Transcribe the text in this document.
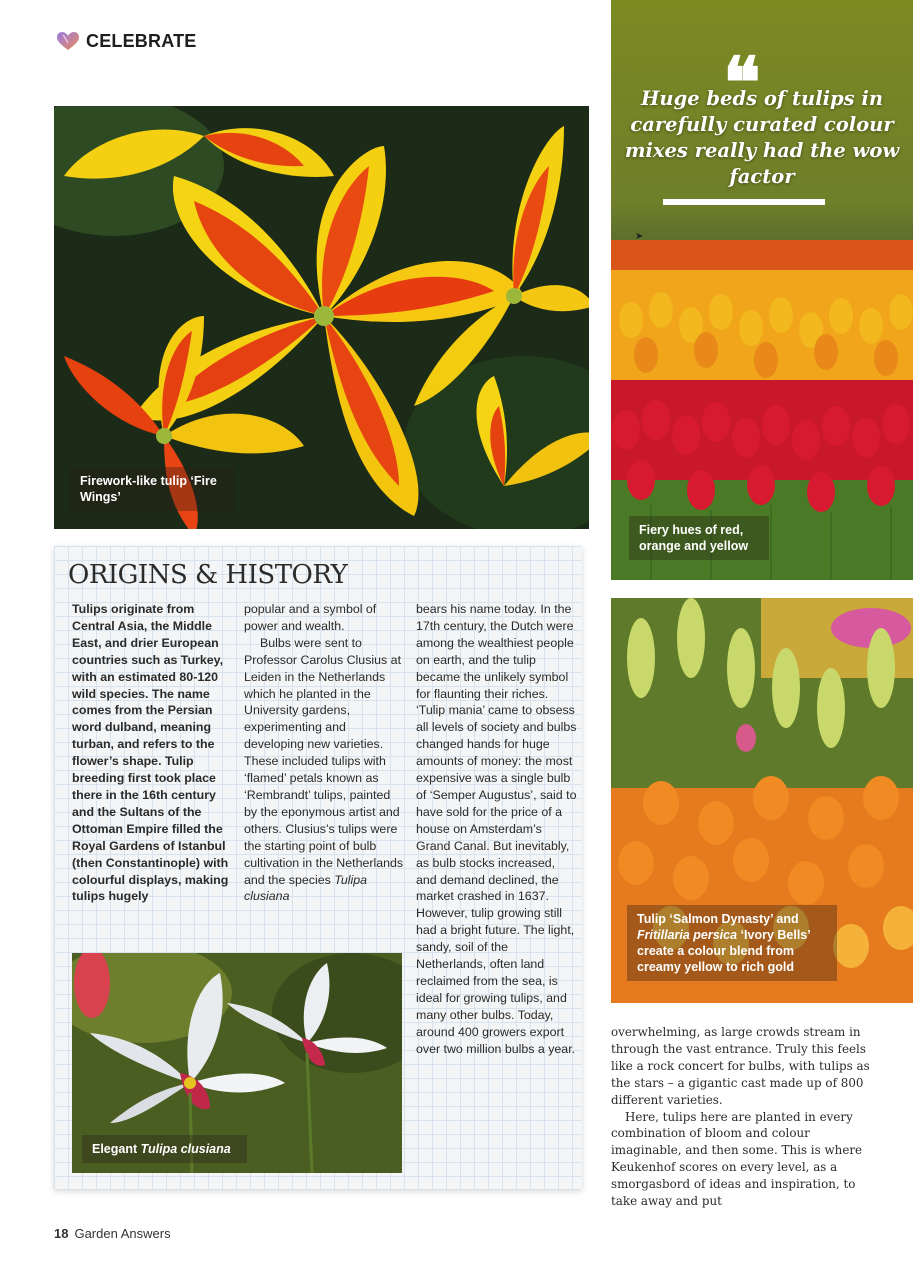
CELEBRATE
Firework-like tulip ‘Fire Wings’
❝
Huge beds of tulips in carefully curated colour mixes really had the wow factor
➤
Fiery hues of red, orange and yellow
ORIGINS & HISTORY
Tulips originate from Central Asia, the Middle East, and drier European countries such as Turkey, with an estimated 80-120 wild species. The name comes from the Persian word dulband, meaning turban, and refers to the flower’s shape. Tulip breeding first took place there in the 16th century and the Sultans of the Ottoman Empire filled the Royal Gardens of Istanbul (then Constantinople) with colourful displays, making tulips hugely
popular and a symbol of power and wealth.
Bulbs were sent to Professor Carolus Clusius at Leiden in the Netherlands which he planted in the University gardens, experimenting and developing new varieties. These included tulips with ‘flamed’ petals known as ‘Rembrandt’ tulips, painted by the eponymous artist and others. Clusius’s tulips were the starting point of bulb cultivation in the Netherlands and the species Tulipa clusiana
bears his name today. In the 17th century, the Dutch were among the wealthiest people on earth, and the tulip became the unlikely symbol for flaunting their riches. ‘Tulip mania’ came to obsess all levels of society and bulbs changed hands for huge amounts of money: the most expensive was a single bulb of ‘Semper Augustus’, said to have sold for the price of a house on Amsterdam’s Grand Canal. But inevitably, as bulb stocks increased, and demand declined, the market crashed in 1637. However, tulip growing still had a bright future. The light, sandy, soil of the Netherlands, often land reclaimed from the sea, is ideal for growing tulips, and many other bulbs. Today, around 400 growers export over two million bulbs a year.
Elegant Tulipa clusiana
Tulip ‘Salmon Dynasty’ and Fritillaria persica ‘Ivory Bells’ create a colour blend from creamy yellow to rich gold

overwhelming, as large crowds stream in through the vast entrance. Truly this feels like a rock concert for bulbs, with tulips as the stars – a gigantic cast made up of 800 different varieties.

Here, tulips here are planted in every combination of bloom and colour imaginable, and then some. This is where Keukenhof scores on every level, as a smorgasbord of ideas and inspiration, to take away and put

18 Garden Answers
